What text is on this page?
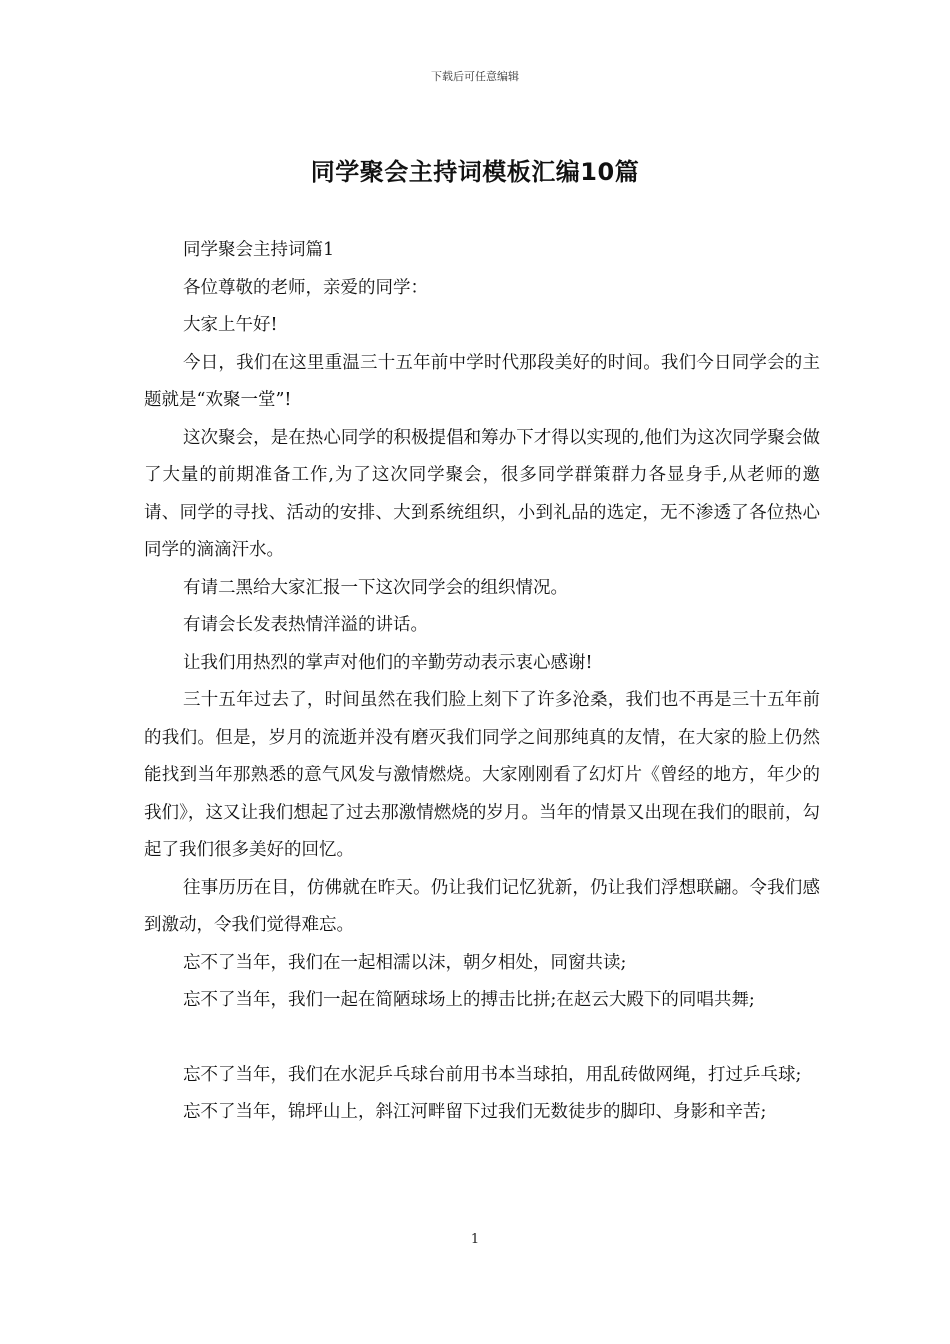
下载后可任意编辑
同学聚会主持词模板汇编10篇

同学聚会主持词篇1

各位尊敬的老师，亲爱的同学：

大家上午好!

今日，我们在这里重温三十五年前中学时代那段美好的时间。我们今日同学会的主题就是“欢聚一堂”!

这次聚会，是在热心同学的积极提倡和筹办下才得以实现的,他们为这次同学聚会做了大量的前期准备工作,为了这次同学聚会，很多同学群策群力各显身手,从老师的邀请、同学的寻找、活动的安排、大到系统组织，小到礼品的选定，无不渗透了各位热心同学的滴滴汗水。

有请二黑给大家汇报一下这次同学会的组织情况。

有请会长发表热情洋溢的讲话。

让我们用热烈的掌声对他们的辛勤劳动表示衷心感谢!

三十五年过去了，时间虽然在我们脸上刻下了许多沧桑，我们也不再是三十五年前的我们。但是，岁月的流逝并没有磨灭我们同学之间那纯真的友情，在大家的脸上仍然能找到当年那熟悉的意气风发与激情燃烧。大家刚刚看了幻灯片《曾经的地方，年少的我们》，这又让我们想起了过去那激情燃烧的岁月。当年的情景又出现在我们的眼前，勾起了我们很多美好的回忆。

往事历历在目，仿佛就在昨天。仍让我们记忆犹新，仍让我们浮想联翩。令我们感到激动，令我们觉得难忘。

忘不了当年，我们在一起相濡以沫，朝夕相处，同窗共读;

忘不了当年，我们一起在简陋球场上的搏击比拼;在赵云大殿下的同唱共舞;

忘不了当年，我们在水泥乒乓球台前用书本当球拍，用乱砖做网绳，打过乒乓球;

忘不了当年，锦坪山上，斜江河畔留下过我们无数徒步的脚印、身影和辛苦;

1
